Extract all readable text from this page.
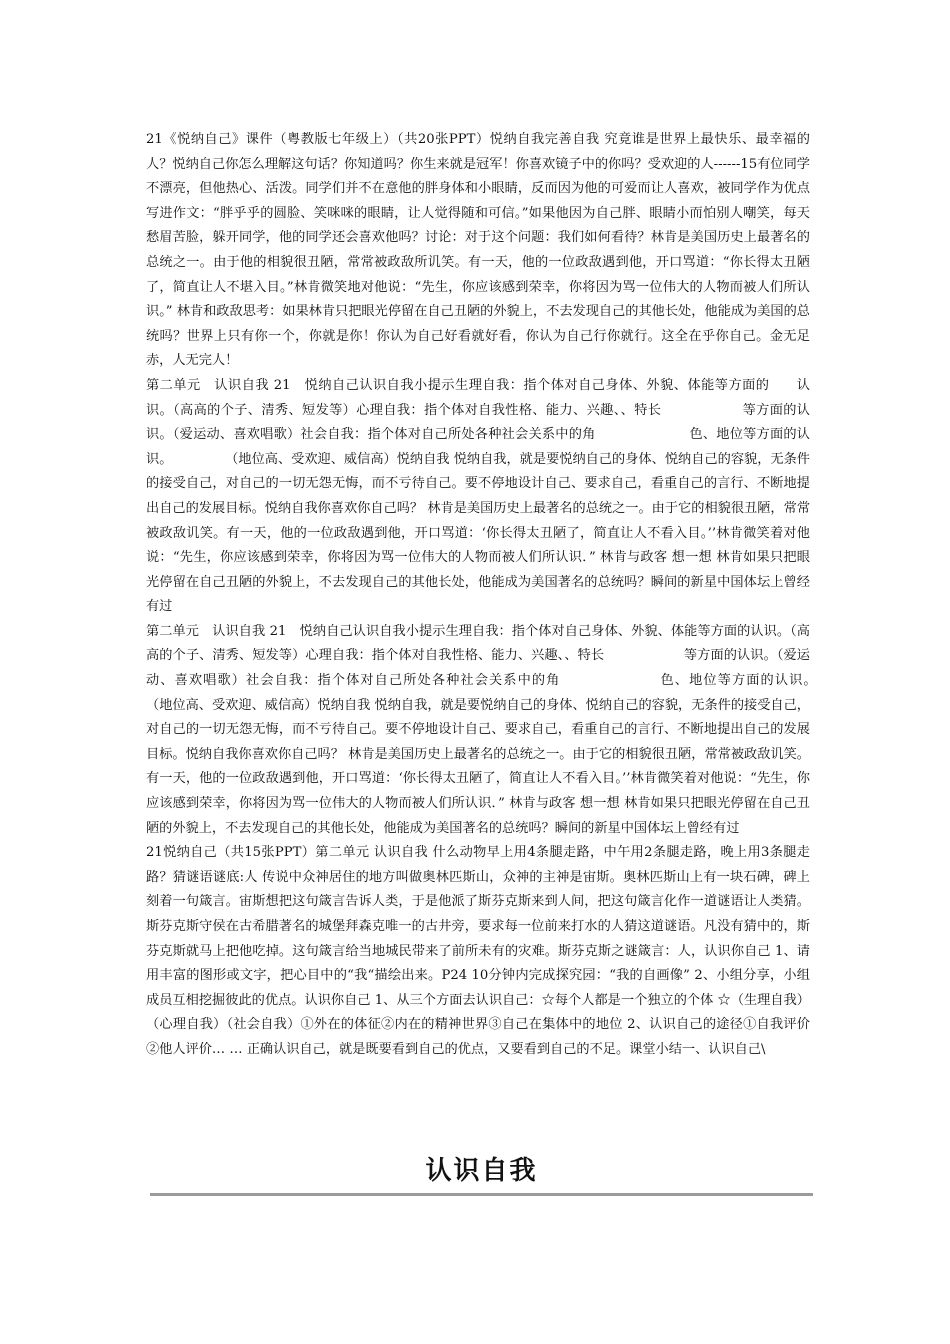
21《悦纳自己》课件（粤教版七年级上）（共20张PPT）悦纳自我完善自我 究竟谁是世界上最快乐、最幸福的人？悦纳自己你怎么理解这句话？你知道吗？你生来就是冠军！你喜欢镜子中的你吗？受欢迎的人------15有位同学不漂亮，但他热心、活泼。同学们并不在意他的胖身体和小眼睛，反而因为他的可爱而让人喜欢，被同学作为优点写进作文：“胖乎乎的圆脸、笑咪咪的眼睛，让人觉得随和可信。”如果他因为自己胖、眼睛小而怕别人嘲笑，每天愁眉苦脸，躲开同学，他的同学还会喜欢他吗？讨论：对于这个问题：我们如何看待？林肯是美国历史上最著名的总统之一。由于他的相貌很丑陋，常常被政敌所讥笑。有一天，他的一位政敌遇到他，开口骂道：“你长得太丑陋了，简直让人不堪入目。”林肯微笑地对他说：“先生，你应该感到荣幸，你将因为骂一位伟大的人物而被人们所认识。” 林肯和政敌思考：如果林肯只把眼光停留在自己丑陋的外貌上，不去发现自己的其他长处，他能成为美国的总统吗？世界上只有你一个，你就是你！你认为自己好看就好看，你认为自己行你就行。这全在乎你自己。金无足赤，人无完人！

第二单元　认识自我 21　悦纳自己认识自我小提示生理自我：指个体对自己身体、外貌、体能等方面的　　认识。（高高的个子、清秀、短发等）心理自我：指个体对自我性格、能力、兴趣、、特长　　　　　　等方面的认识。（爱运动、喜欢唱歌）社会自我：指个体对自己所处各种社会关系中的角　　　　　　　色、地位等方面的认识。　　　　　（地位高、受欢迎、威信高）悦纳自我 悦纳自我，就是要悦纳自己的身体、悦纳自己的容貌，无条件的接受自己，对自己的一切无怨无悔，而不亏待自己。要不停地设计自己、要求自己，看重自己的言行、不断地提出自己的发展目标。悦纳自我你喜欢你自己吗？ 林肯是美国历史上最著名的总统之一。由于它的相貌很丑陋，常常被政敌讥笑。有一天，他的一位政敌遇到他，开口骂道：‘你长得太丑陋了，简直让人不看入目。’’林肯微笑着对他说：“先生，你应该感到荣幸，你将因为骂一位伟大的人物而被人们所认识．” 林肯与政客 想一想 林肯如果只把眼光停留在自己丑陋的外貌上，不去发现自己的其他长处，他能成为美国著名的总统吗？瞬间的新星中国体坛上曾经有过

第二单元　认识自我 21　悦纳自己认识自我小提示生理自我：指个体对自己身体、外貌、体能等方面的认识。（高高的个子、清秀、短发等）心理自我：指个体对自我性格、能力、兴趣、、特长　　　　　　等方面的认识。（爱运动、喜欢唱歌）社会自我：指个体对自己所处各种社会关系中的角　　　　　　　色、地位等方面的认识。　　　　　（地位高、受欢迎、威信高）悦纳自我 悦纳自我，就是要悦纳自己的身体、悦纳自己的容貌，无条件的接受自己，对自己的一切无怨无悔，而不亏待自己。要不停地设计自己、要求自己，看重自己的言行、不断地提出自己的发展目标。悦纳自我你喜欢你自己吗？ 林肯是美国历史上最著名的总统之一。由于它的相貌很丑陋，常常被政敌讥笑。有一天，他的一位政敌遇到他，开口骂道：‘你长得太丑陋了，简直让人不看入目。’’林肯微笑着对他说：“先生，你应该感到荣幸，你将因为骂一位伟大的人物而被人们所认识．” 林肯与政客 想一想 林肯如果只把眼光停留在自己丑陋的外貌上，不去发现自己的其他长处，他能成为美国著名的总统吗？瞬间的新星中国体坛上曾经有过

21悦纳自己（共15张PPT）第二单元 认识自我 什么动物早上用4条腿走路，中午用2条腿走路，晚上用3条腿走路？猜谜语谜底:人 传说中众神居住的地方叫做奥林匹斯山，众神的主神是宙斯。奥林匹斯山上有一块石碑，碑上刻着一句箴言。宙斯想把这句箴言告诉人类，于是他派了斯芬克斯来到人间，把这句箴言化作一道谜语让人类猜。斯芬克斯守侯在古希腊著名的城堡拜森克唯一的古井旁，要求每一位前来打水的人猜这道谜语。凡没有猜中的，斯芬克斯就马上把他吃掉。这句箴言给当地城民带来了前所未有的灾难。斯芬克斯之谜箴言：人，认识你自己 1、请用丰富的图形或文字，把心目中的“我“描绘出来。P24 10分钟内完成探究园：“我的自画像” 2、小组分享，小组成员互相挖掘彼此的优点。认识你自己 1、从三个方面去认识自己：☆每个人都是一个独立的个体 ☆（生理自我）（心理自我）（社会自我）①外在的体征②内在的精神世界③自己在集体中的地位 2、认识自己的途径①自我评价②他人评价… … 正确认识自己，就是既要看到自己的优点，又要看到自己的不足。课堂小结一、认识自己\

认识自我
